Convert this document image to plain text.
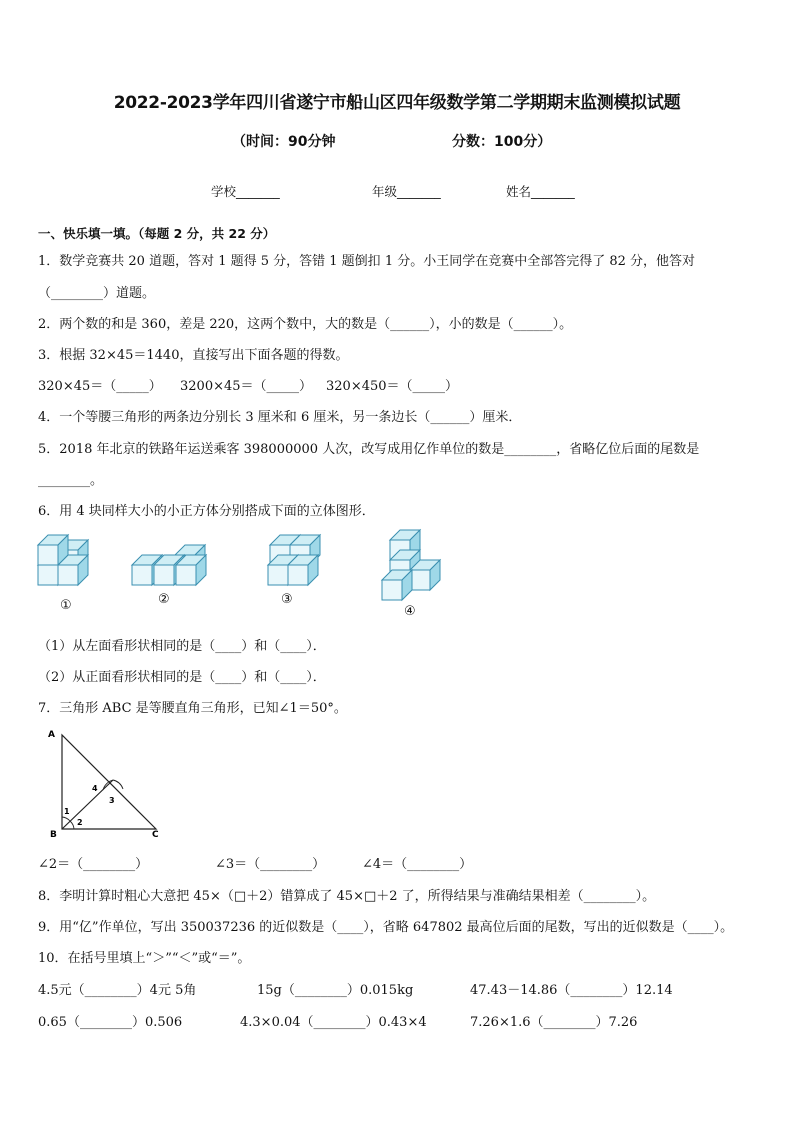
2022-2023学年四川省遂宁市船山区四年级数学第二学期期末监测模拟试题
（时间：90分钟	分数：100分）
学校_______	年级_______	姓名_______
一、快乐填一填。（每题 2 分，共 22 分）
1．数学竞赛共 20 道题，答对 1 题得 5 分，答错 1 题倒扣 1 分。小王同学在竞赛中全部答完得了 82 分，他答对
（________）道题。
2．两个数的和是 360，差是 220，这两个数中，大的数是（______），小的数是（______）。
3．根据 32×45＝1440，直接写出下面各题的得数。
320×45＝（_____） 3200×45＝（_____） 320×450＝（_____）
4．一个等腰三角形的两条边分别长 3 厘米和 6 厘米，另一条边长（______）厘米．
5．2018 年北京的铁路年运送乘客 398000000 人次，改写成用亿作单位的数是________，省略亿位后面的尾数是
________。
6．用 4 块同样大小的小正方体分别搭成下面的立体图形．
①	②	③
④
（1）从左面看形状相同的是（____）和（____）．
（2）从正面看形状相同的是（____）和（____）．
7．三角形 ABC 是等腰直角三角形，已知∠1＝50°。
A
B	C
1
2
3
4
∠2＝（________）	∠3＝（________）	∠4＝（________）
8．李明计算时粗心大意把 45×（□＋2）错算成了 45×□＋2 了，所得结果与准确结果相差（________）。
9．用“亿”作单位，写出 350037236 的近似数是（____），省略 647802 最高位后面的尾数，写出的近似数是（____）。
10．在括号里填上“＞”“＜”或“＝”。
4.5元（________）4元 5角	15g（________）0.015kg	47.43－14.86（________）12.14
0.65（________）0.506	4.3×0.04（________）0.43×4	7.26×1.6（________）7.26
